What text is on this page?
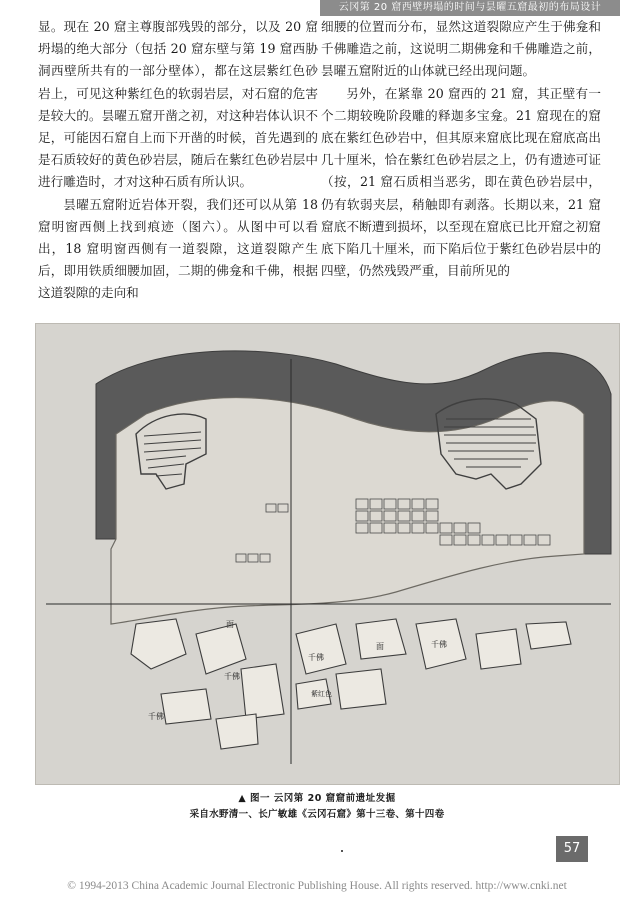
云冈第 20 窟西壁坍塌的时间与昙曜五窟最初的布局设计

显。现在 20 窟主尊腹部残毁的部分，以及 20 窟坍塌的绝大部分（包括 20 窟东壁与第 19 窟西胁洞西壁所共有的一部分壁体），都在这层紫红色砂岩上，可见这种紫红色的软弱岩层，对石窟的危害是较大的。昙曜五窟开凿之初，对这种岩体认识不足，可能因石窟自上而下开凿的时候，首先遇到的是石质较好的黄色砂岩层，随后在紫红色砂岩层中进行雕造时，才对这种石质有所认识。

昙曜五窟附近岩体开裂，我们还可以从第 18 窟明窗西侧上找到痕迹（图六）。从图中可以看出，18 窟明窗西侧有一道裂隙，这道裂隙产生后，即用铁质细腰加固，二期的佛龛和千佛，根据这道裂隙的走向和

细腰的位置而分布，显然这道裂隙应产生于佛龛和千佛雕造之前，这说明二期佛龛和千佛雕造之前，昙曜五窟附近的山体就已经出现问题。

另外，在紧靠 20 窟西的 21 窟，其正壁有一个二期较晚阶段雕的释迦多宝龛。21 窟现在的窟底在紫红色砂岩中，但其原来窟底比现在窟底高出几十厘米，恰在紫红色砂岩层之上，仍有遗迹可证（按，21 窟石质相当恶劣，即在黄色砂岩层中，仍有软弱夹层，稍触即有剥落。长期以来，21 窟窟底不断遭到损坏，以至现在窟底已比开窟之初窟底下陷几十厘米，而下陷后位于紫红色砂岩层中的四壁，仍然残毁严重，目前所见的

千佛
千佛
千佛
千佛
面
面
紫红色
▲ 图一 云冈第 20 窟窟前遗址发掘
采自水野清一、长广敏雄《云冈石窟》第十三卷、第十四卷
57
© 1994-2013 China Academic Journal Electronic Publishing House. All rights reserved. http://www.cnki.net
